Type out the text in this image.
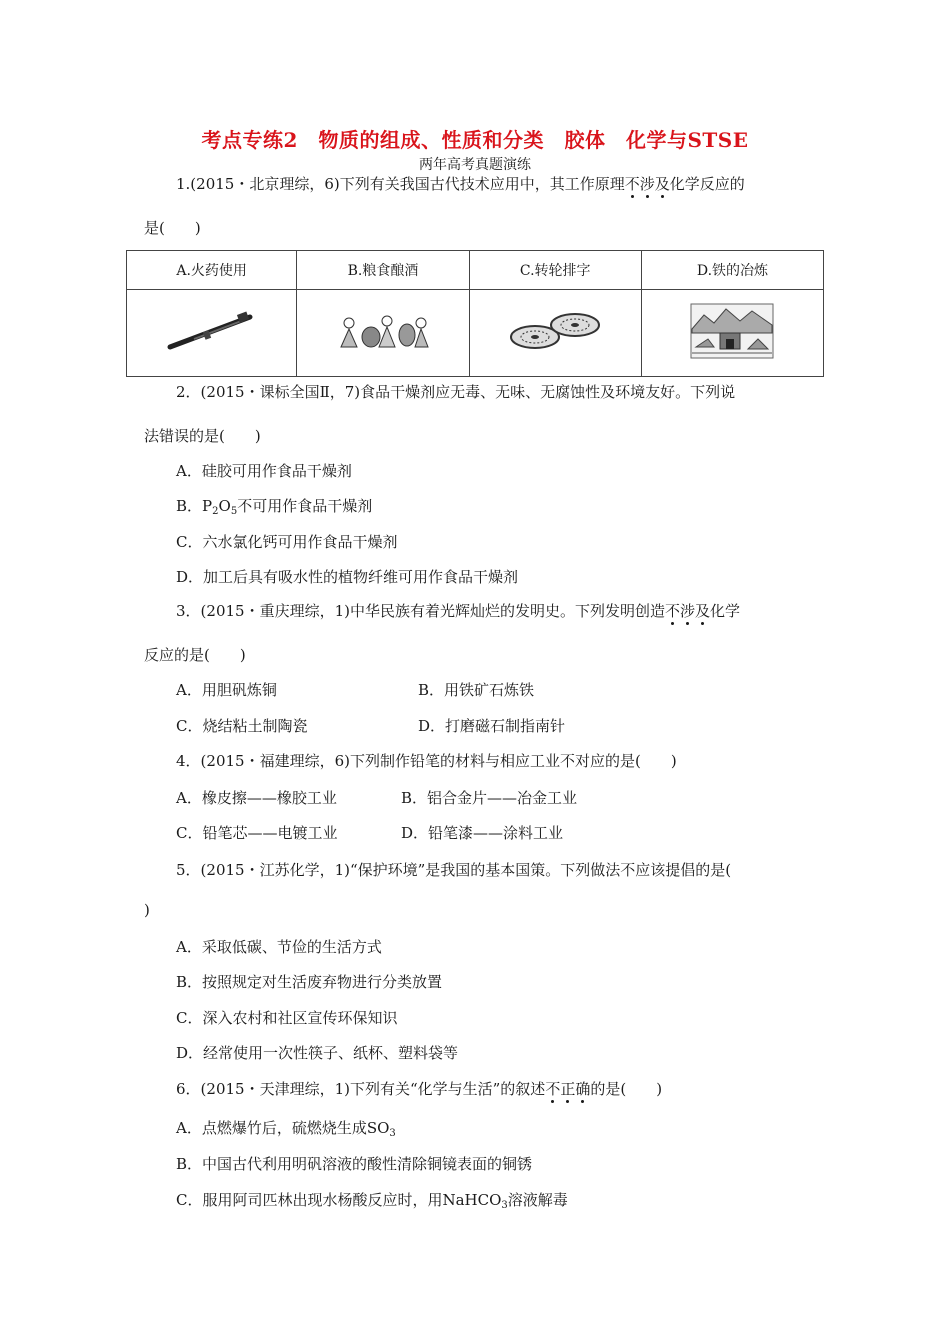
考点专练2　物质的组成、性质和分类　胶体　化学与STSE
两年高考真题演练
1.(2015・北京理综，6)下列有关我国古代技术应用中，其工作原理不涉及化学反应的
是(　　)
A.火药使用	B.粮食酿酒	C.转轮排字	D.铁的冶炼

2．(2015・课标全国Ⅱ，7)食品干燥剂应无毒、无味、无腐蚀性及环境友好。下列说
法错误的是(　　)
A．硅胶可用作食品干燥剂
B．$P_2O_5$不可用作食品干燥剂
C．六水氯化钙可用作食品干燥剂
D．加工后具有吸水性的植物纤维可用作食品干燥剂
3．(2015・重庆理综，1)中华民族有着光辉灿烂的发明史。下列发明创造不涉及化学
反应的是(　　)
A．用胆矾炼铜	B．用铁矿石炼铁
C．烧结粘土制陶瓷	D．打磨磁石制指南针
4．(2015・福建理综，6)下列制作铅笔的材料与相应工业不对应的是(　　)
A．橡皮擦——橡胶工业	B．铝合金片——冶金工业
C．铅笔芯——电镀工业	D．铅笔漆——涂料工业
5．(2015・江苏化学，1)“保护环境”是我国的基本国策。下列做法不应该提倡的是(
)
A．采取低碳、节俭的生活方式
B．按照规定对生活废弃物进行分类放置
C．深入农村和社区宣传环保知识
D．经常使用一次性筷子、纸杯、塑料袋等
6．(2015・天津理综，1)下列有关“化学与生活”的叙述不正确的是(　　)
A．点燃爆竹后，硫燃烧生成$SO_3$
B．中国古代利用明矾溶液的酸性清除铜镜表面的铜锈
C．服用阿司匹林出现水杨酸反应时，用NaHCO$_3$溶液解毒
